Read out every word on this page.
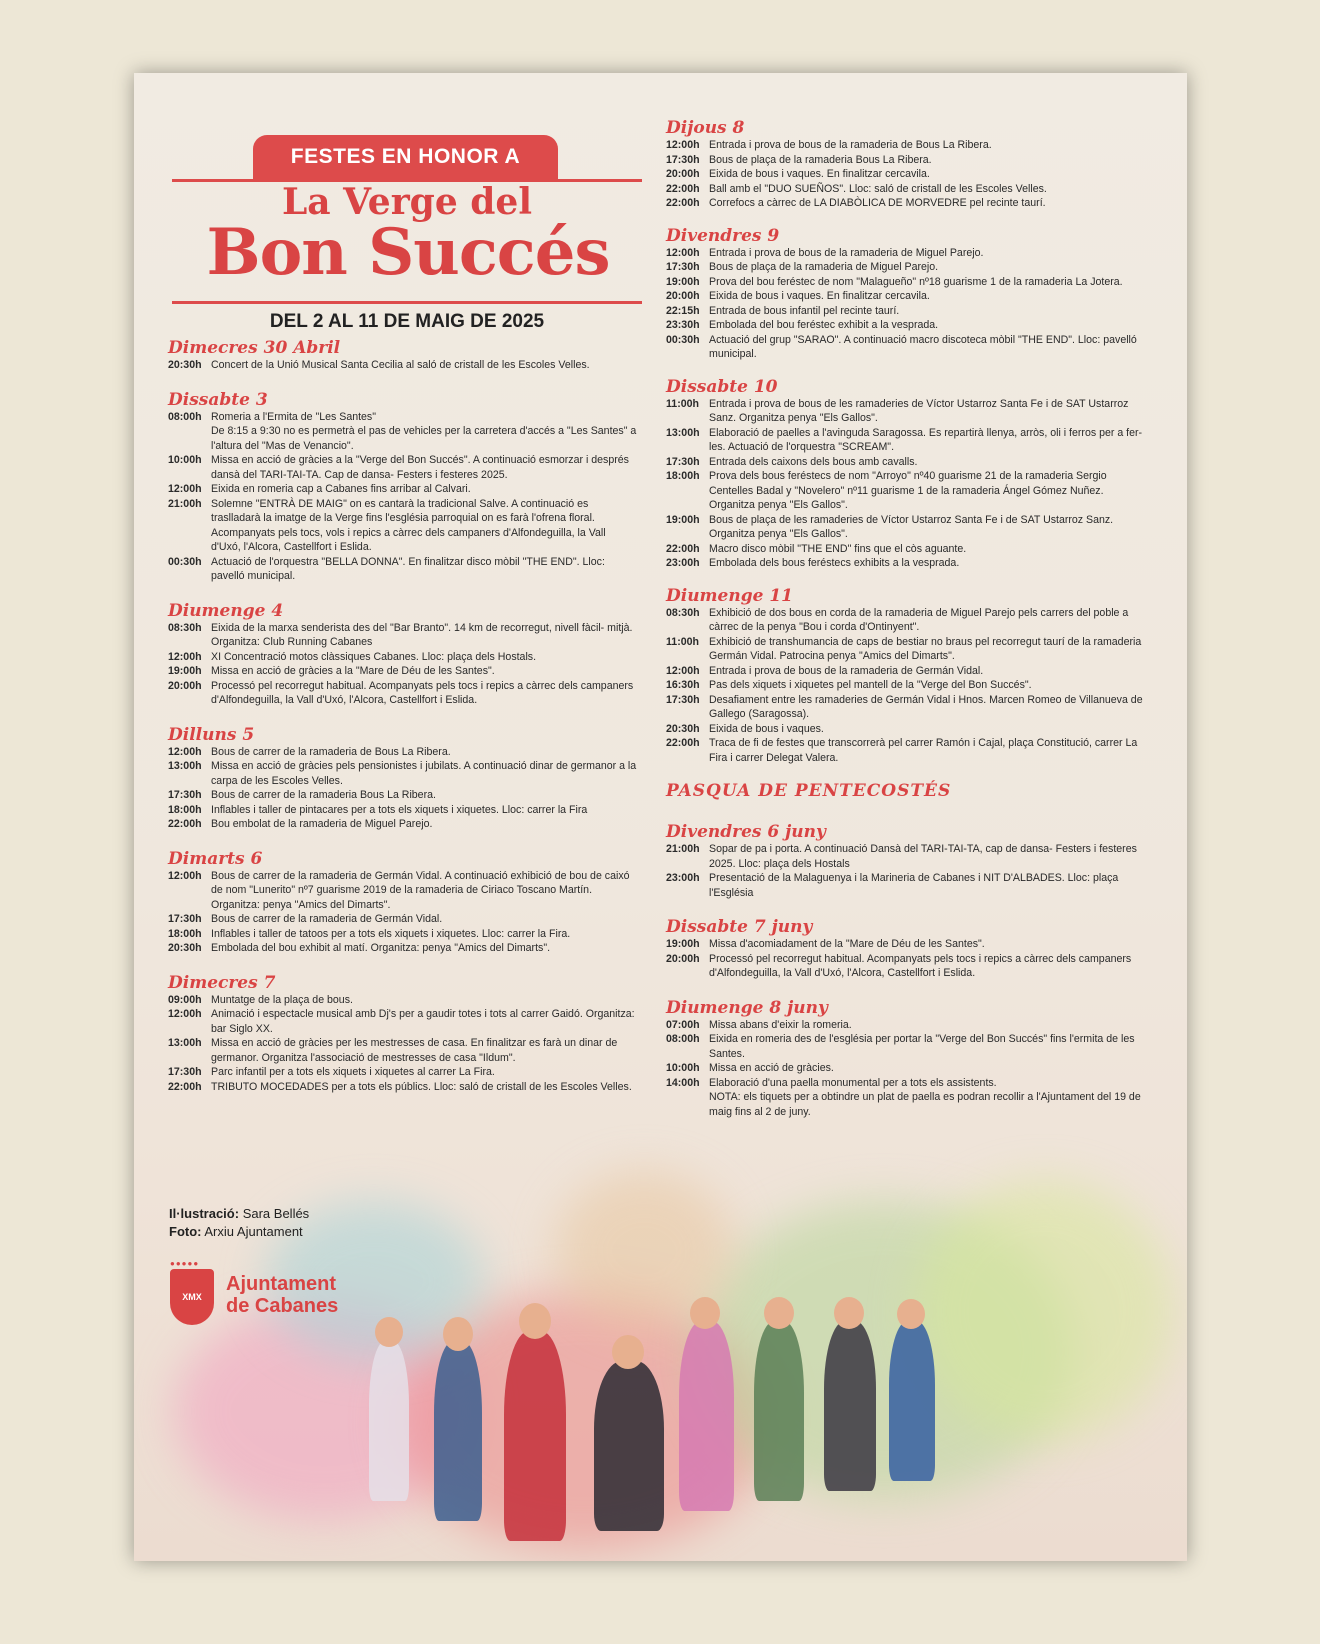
FESTES EN HONOR A
La Verge del
Bon Succés
DEL 2 AL 11 DE MAIG DE 2025
Dimecres 30 Abril
20:30h Concert de la Unió Musical Santa Cecilia al saló de cristall de les Escoles Velles.
Dissabte 3
08:00h Romeria a l'Ermita de "Les Santes"
De 8:15 a 9:30 no es permetrà el pas de vehicles per la carretera d'accés a "Les Santes" a l'altura del "Mas de Venancio".
10:00h Missa en acció de gràcies a la "Verge del Bon Succés". A continuació esmorzar i després dansà del TARI-TAI-TA. Cap de dansa- Festers i festeres 2025.
12:00h Eixida en romeria cap a Cabanes fins arribar al Calvari.
21:00h Solemne "ENTRÀ DE MAIG" on es cantarà la tradicional Salve. A continuació es traslladarà la imatge de la Verge fins l'església parroquial on es farà l'ofrena floral. Acompanyats pels tocs, vols i repics a càrrec dels campaners d'Alfondeguilla, la Vall d'Uxó, l'Alcora, Castellfort i Eslida.
00:30h Actuació de l'orquestra "BELLA DONNA". En finalitzar disco mòbil "THE END". Lloc: pavelló municipal.
Diumenge 4
08:30h Eixida de la marxa senderista des del "Bar Branto". 14 km de recorregut, nivell fàcil- mitjà. Organitza: Club Running Cabanes
12:00h XI Concentració motos clàssiques Cabanes. Lloc: plaça dels Hostals.
19:00h Missa en acció de gràcies a la "Mare de Déu de les Santes".
20:00h Processó pel recorregut habitual. Acompanyats pels tocs i repics a càrrec dels campaners d'Alfondeguilla, la Vall d'Uxó, l'Alcora, Castellfort i Eslida.
Dilluns 5
12:00h Bous de carrer de la ramaderia de Bous La Ribera.
13:00h Missa en acció de gràcies pels pensionistes i jubilats. A continuació dinar de germanor a la carpa de les Escoles Velles.
17:30h Bous de carrer de la ramaderia Bous La Ribera.
18:00h Inflables i taller de pintacares per a tots els xiquets i xiquetes. Lloc: carrer la Fira
22:00h Bou embolat de la ramaderia de Miguel Parejo.
Dimarts 6
12:00h Bous de carrer de la ramaderia de Germán Vidal. A continuació exhibició de bou de caixó de nom "Lunerito" nº7 guarisme 2019 de la ramaderia de Ciriaco Toscano Martín. Organitza: penya "Amics del Dimarts".
17:30h Bous de carrer de la ramaderia de Germán Vidal.
18:00h Inflables i taller de tatoos per a tots els xiquets i xiquetes. Lloc: carrer la Fira.
20:30h Embolada del bou exhibit al matí. Organitza: penya "Amics del Dimarts".
Dimecres 7
09:00h Muntatge de la plaça de bous.
12:00h Animació i espectacle musical amb Dj's per a gaudir totes i tots al carrer Gaidó. Organitza: bar Siglo XX.
13:00h Missa en acció de gràcies per les mestresses de casa. En finalitzar es farà un dinar de germanor. Organitza l'associació de mestresses de casa "Ildum".
17:30h Parc infantil per a tots els xiquets i xiquetes al carrer La Fira.
22:00h TRIBUTO MOCEDADES per a tots els públics. Lloc: saló de cristall de les Escoles Velles.
Dijous 8
12:00h Entrada i prova de bous de la ramaderia de Bous La Ribera.
17:30h Bous de plaça de la ramaderia Bous La Ribera.
20:00h Eixida de bous i vaques. En finalitzar cercavila.
22:00h Ball amb el "DUO SUEÑOS". Lloc: saló de cristall de les Escoles Velles.
22:00h Correfocs a càrrec de LA DIABÒLICA DE MORVEDRE pel recinte taurí.
Divendres 9
12:00h Entrada i prova de bous de la ramaderia de Miguel Parejo.
17:30h Bous de plaça de la ramaderia de Miguel Parejo.
19:00h Prova del bou feréstec de nom "Malagueño" nº18 guarisme 1 de la ramaderia La Jotera.
20:00h Eixida de bous i vaques. En finalitzar cercavila.
22:15h Entrada de bous infantil pel recinte taurí.
23:30h Embolada del bou feréstec exhibit a la vesprada.
00:30h Actuació del grup "SARAO". A continuació macro discoteca mòbil "THE END". Lloc: pavelló municipal.
Dissabte 10
11:00h Entrada i prova de bous de les ramaderies de Víctor Ustarroz Santa Fe i de SAT Ustarroz Sanz. Organitza penya "Els Gallos".
13:00h Elaboració de paelles a l'avinguda Saragossa. Es repartirà llenya, arròs, oli i ferros per a fer-les. Actuació de l'orquestra "SCREAM".
17:30h Entrada dels caixons dels bous amb cavalls.
18:00h Prova dels bous feréstecs de nom "Arroyo" nº40 guarisme 21 de la ramaderia Sergio Centelles Badal y "Novelero" nº11 guarisme 1 de la ramaderia Ángel Gómez Nuñez. Organitza penya "Els Gallos".
19:00h Bous de plaça de les ramaderies de Víctor Ustarroz Santa Fe i de SAT Ustarroz Sanz. Organitza penya "Els Gallos".
22:00h Macro disco mòbil "THE END" fins que el còs aguante.
23:00h Embolada dels bous feréstecs exhibits a la vesprada.
Diumenge 11
08:30h Exhibició de dos bous en corda de la ramaderia de Miguel Parejo pels carrers del poble a càrrec de la penya "Bou i corda d'Ontinyent".
11:00h Exhibició de transhumancia de caps de bestiar no braus pel recorregut taurí de la ramaderia Germán Vidal. Patrocina penya "Amics del Dimarts".
12:00h Entrada i prova de bous de la ramaderia de Germán Vidal.
16:30h Pas dels xiquets i xiquetes pel mantell de la "Verge del Bon Succés".
17:30h Desafiament entre les ramaderies de Germán Vidal i Hnos. Marcen Romeo de Villanueva de Gallego (Saragossa).
20:30h Eixida de bous i vaques.
22:00h Traca de fi de festes que transcorrerà pel carrer Ramón i Cajal, plaça Constitució, carrer La Fira i carrer Delegat Valera.
PASQUA DE PENTECOSTÉS
Divendres 6 juny
21:00h Sopar de pa i porta. A continuació Dansà del TARI-TAI-TA, cap de dansa- Festers i festeres 2025. Lloc: plaça dels Hostals
23:00h Presentació de la Malaguenya i la Marineria de Cabanes i NIT D'ALBADES. Lloc: plaça l'Església
Dissabte 7 juny
19:00h Missa d'acomiadament de la "Mare de Déu de les Santes".
20:00h Processó pel recorregut habitual. Acompanyats pels tocs i repics a càrrec dels campaners d'Alfondeguilla, la Vall d'Uxó, l'Alcora, Castellfort i Eslida.
Diumenge 8 juny
07:00h Missa abans d'eixir la romeria.
08:00h Eixida en romeria des de l'església per portar la "Verge del Bon Succés" fins l'ermita de les Santes.
10:00h Missa en acció de gràcies.
14:00h Elaboració d'una paella monumental per a tots els assistents.
NOTA: els tiquets per a obtindre un plat de paella es podran recollir a l'Ajuntament del 19 de maig fins al 2 de juny.
Il·lustració: Sara Bellés
Foto: Arxiu Ajuntament
●●●●●
XMX
Ajuntament
de Cabanes
